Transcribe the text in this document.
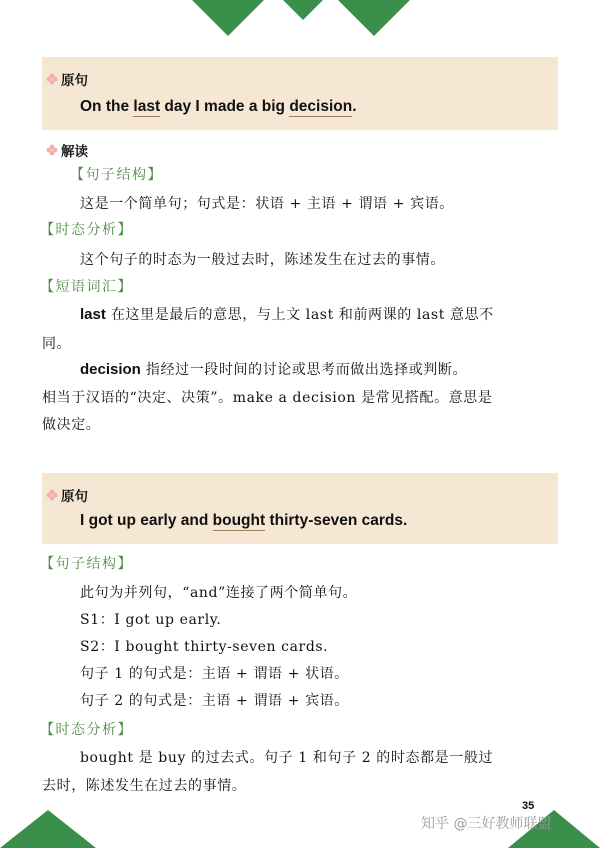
原句
On the last day I made a big decision.
解读
【句子结构】
这是一个简单句；句式是：状语 + 主语 + 谓语 + 宾语。
【时态分析】
这个句子的时态为一般过去时，陈述发生在过去的事情。
【短语词汇】
last 在这里是最后的意思，与上文 last 和前两课的 last 意思不
同。
decision 指经过一段时间的讨论或思考而做出选择或判断。
相当于汉语的“决定、决策”。make a decision 是常见搭配。意思是
做决定。
原句
I got up early and bought thirty-seven cards.
【句子结构】
此句为并列句，“and”连接了两个简单句。
S1：I got up early.
S2：I bought thirty-seven cards.
句子 1 的句式是：主语 + 谓语 + 状语。
句子 2 的句式是：主语 + 谓语 + 宾语。
【时态分析】
bought 是 buy 的过去式。句子 1 和句子 2 的时态都是一般过
去时，陈述发生在过去的事情。
35
知乎 @三好教师联盟
